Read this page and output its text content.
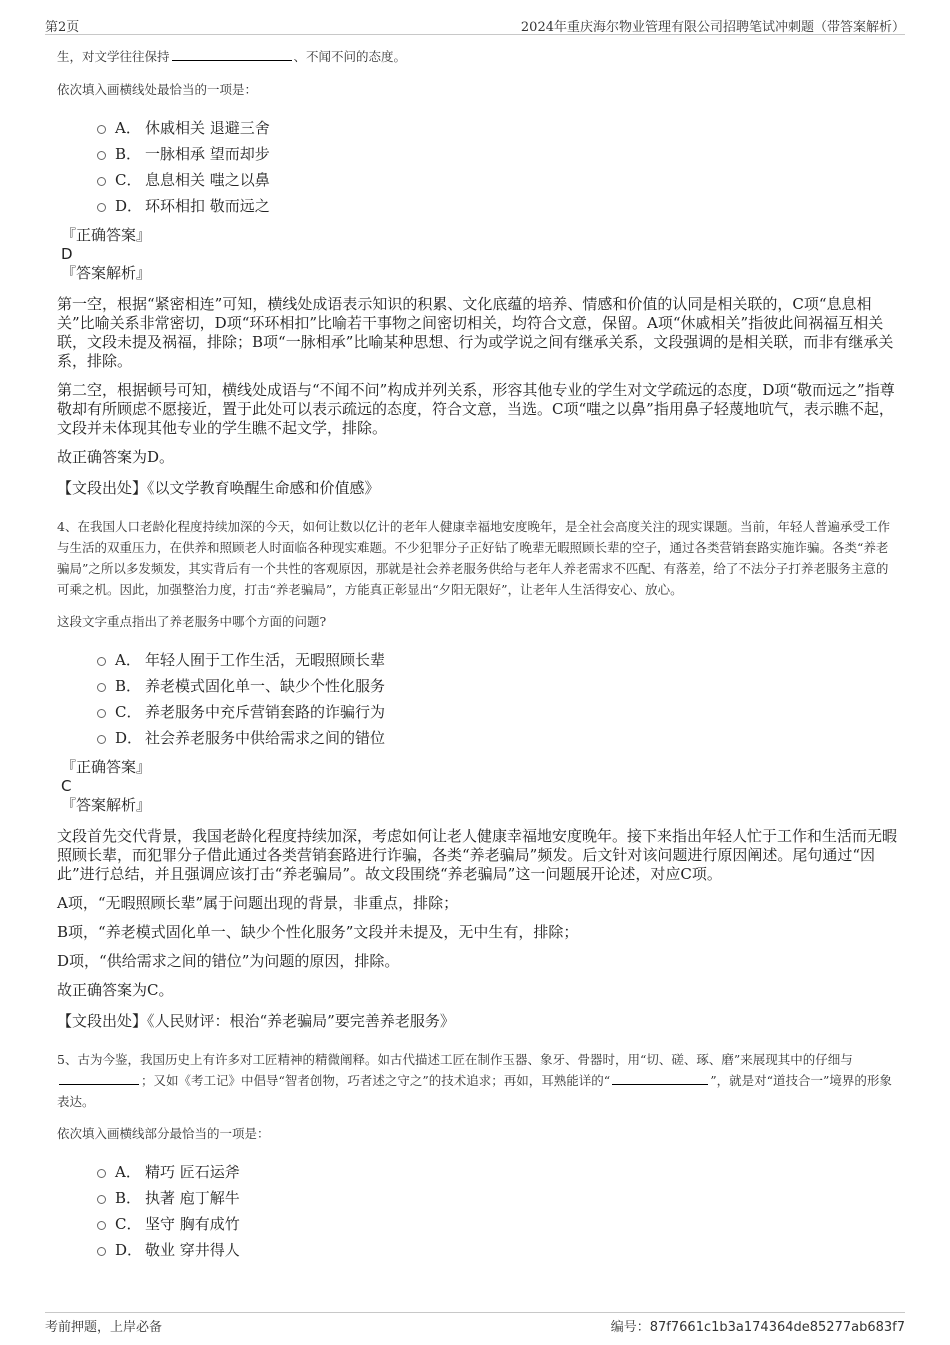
第2页	2024年重庆海尔物业管理有限公司招聘笔试冲刺题（带答案解析）

生，对文学往往保持	、不闻不问的态度。

依次填入画横线处最恰当的一项是：

A． 休戚相关 退避三舍
B． 一脉相承 望而却步
C． 息息相关 嗤之以鼻
D． 环环相扣 敬而远之

『正确答案』

D

『答案解析』

第一空，根据“紧密相连”可知，横线处成语表示知识的积累、文化底蕴的培养、情感和价值的认同是相关联的，C项“息息相关”比喻关系非常密切，D项“环环相扣”比喻若干事物之间密切相关，均符合文意，保留。A项“休戚相关”指彼此间祸福互相关联，文段未提及祸福，排除；B项“一脉相承”比喻某种思想、行为或学说之间有继承关系，文段强调的是相关联，而非有继承关系，排除。

第二空，根据顿号可知，横线处成语与“不闻不问”构成并列关系，形容其他专业的学生对文学疏远的态度，D项“敬而远之”指尊敬却有所顾虑不愿接近，置于此处可以表示疏远的态度，符合文意，当选。C项“嗤之以鼻”指用鼻子轻蔑地吭气，表示瞧不起，文段并未体现其他专业的学生瞧不起文学，排除。

故正确答案为D。

【文段出处】《以文学教育唤醒生命感和价值感》

4、在我国人口老龄化程度持续加深的今天，如何让数以亿计的老年人健康幸福地安度晚年，是全社会高度关注的现实课题。当前，年轻人普遍承受工作与生活的双重压力，在供养和照顾老人时面临各种现实难题。不少犯罪分子正好钻了晚辈无暇照顾长辈的空子，通过各类营销套路实施诈骗。各类“养老骗局”之所以多发频发，其实背后有一个共性的客观原因，那就是社会养老服务供给与老年人养老需求不匹配、有落差，给了不法分子打养老服务主意的可乘之机。因此，加强整治力度，打击“养老骗局”，方能真正彰显出“夕阳无限好”，让老年人生活得安心、放心。

这段文字重点指出了养老服务中哪个方面的问题?

A． 年轻人囿于工作生活，无暇照顾长辈
B． 养老模式固化单一、缺少个性化服务
C． 养老服务中充斥营销套路的诈骗行为
D． 社会养老服务中供给需求之间的错位

『正确答案』

C

『答案解析』

文段首先交代背景，我国老龄化程度持续加深，考虑如何让老人健康幸福地安度晚年。接下来指出年轻人忙于工作和生活而无暇照顾长辈，而犯罪分子借此通过各类营销套路进行诈骗，各类“养老骗局”频发。后文针对该问题进行原因阐述。尾句通过“因此”进行总结，并且强调应该打击“养老骗局”。故文段围绕“养老骗局”这一问题展开论述，对应C项。

A项，“无暇照顾长辈”属于问题出现的背景，非重点，排除；

B项，“养老模式固化单一、缺少个性化服务”文段并未提及，无中生有，排除；

D项，“供给需求之间的错位”为问题的原因，排除。

故正确答案为C。

【文段出处】《人民财评：根治“养老骗局”要完善养老服务》

5、古为今鉴，我国历史上有许多对工匠精神的精微阐释。如古代描述工匠在制作玉器、象牙、骨器时，用“切、磋、琢、磨”来展现其中的仔细与；又如《考工记》中倡导“智者创物，巧者述之守之”的技术追求；再如，耳熟能详的“	”，就是对“道技合一”境界的形象表达。

依次填入画横线部分最恰当的一项是：

A． 精巧 匠石运斧
B． 执著 庖丁解牛
C． 坚守 胸有成竹
D． 敬业 穿井得人
考前押题，上岸必备	编号：87f7661c1b3a174364de85277ab683f7
